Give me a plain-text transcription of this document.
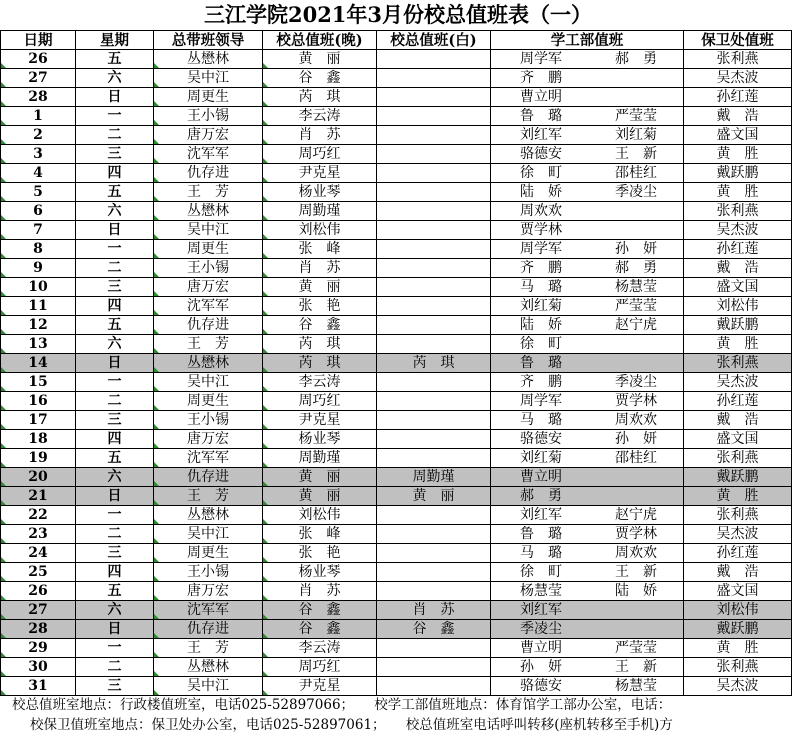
三江学院2021年3月份校总值班表（一）
日期	星期	总带班领导	校总值班(晚)	校总值班(白)	学工部值班	保卫处值班
26	五	丛懋林	黄　丽		周学军 郝　勇	张利燕
27	六	吴中江	谷　鑫		齐　鹏	吴杰波
28	日	周更生	芮　琪		曹立明	孙红莲
1	一	王小锡	李云涛		鲁　璐 严莹莹	戴　浩
2	二	唐万宏	肖　苏		刘红军 刘红菊	盛文国
3	三	沈军军	周巧红		骆德安 王　新	黄　胜
4	四	仇存进	尹克星		徐　町 邵桂红	戴跃鹏
5	五	王　芳	杨业琴		陆　娇 季凌尘	黄　胜
6	六	丛懋林	周勤瑾		周欢欢	张利燕
7	日	吴中江	刘松伟		贾学林	吴杰波
8	一	周更生	张　峰		周学军 孙　妍	孙红莲
9	二	王小锡	肖　苏		齐　鹏 郝　勇	戴　浩
10	三	唐万宏	黄　丽		马　璐 杨慧莹	盛文国
11	四	沈军军	张　艳		刘红菊 严莹莹	刘松伟
12	五	仇存进	谷　鑫		陆　娇 赵宁虎	戴跃鹏
13	六	王　芳	芮　琪		徐　町	黄　胜
14	日	丛懋林	芮　琪	芮　琪	鲁　璐	张利燕
15	一	吴中江	李云涛		齐　鹏 季凌尘	吴杰波
16	二	周更生	周巧红		周学军 贾学林	孙红莲
17	三	王小锡	尹克星		马　璐 周欢欢	戴　浩
18	四	唐万宏	杨业琴		骆德安 孙　妍	盛文国
19	五	沈军军	周勤瑾		刘红菊 邵桂红	张利燕
20	六	仇存进	黄　丽	周勤瑾	曹立明	戴跃鹏
21	日	王　芳	黄　丽	黄　丽	郝　勇	黄　胜
22	一	丛懋林	刘松伟		刘红军 赵宁虎	张利燕
23	二	吴中江	张　峰		鲁　璐 贾学林	吴杰波
24	三	周更生	张　艳		马　璐 周欢欢	孙红莲
25	四	王小锡	杨业琴		徐　町 王　新	戴　浩
26	五	唐万宏	肖　苏		杨慧莹 陆　娇	盛文国
27	六	沈军军	谷　鑫	肖　苏	刘红军	刘松伟
28	日	仇存进	谷　鑫	谷　鑫	季凌尘	戴跃鹏
29	一	王　芳	李云涛		曹立明 严莹莹	黄　胜
30	二	丛懋林	周巧红		孙　妍 王　新	张利燕
31	三	吴中江	尹克星		骆德安 杨慧莹	吴杰波
校总值班室地点：行政楼值班室，电话025-52897066；　　校学工部值班地点：体育馆学工部办公室，电话：
校保卫值班室地点：保卫处办公室，电话025-52897061；　　校总值班室电话呼叫转移(座机转移至手机)方
